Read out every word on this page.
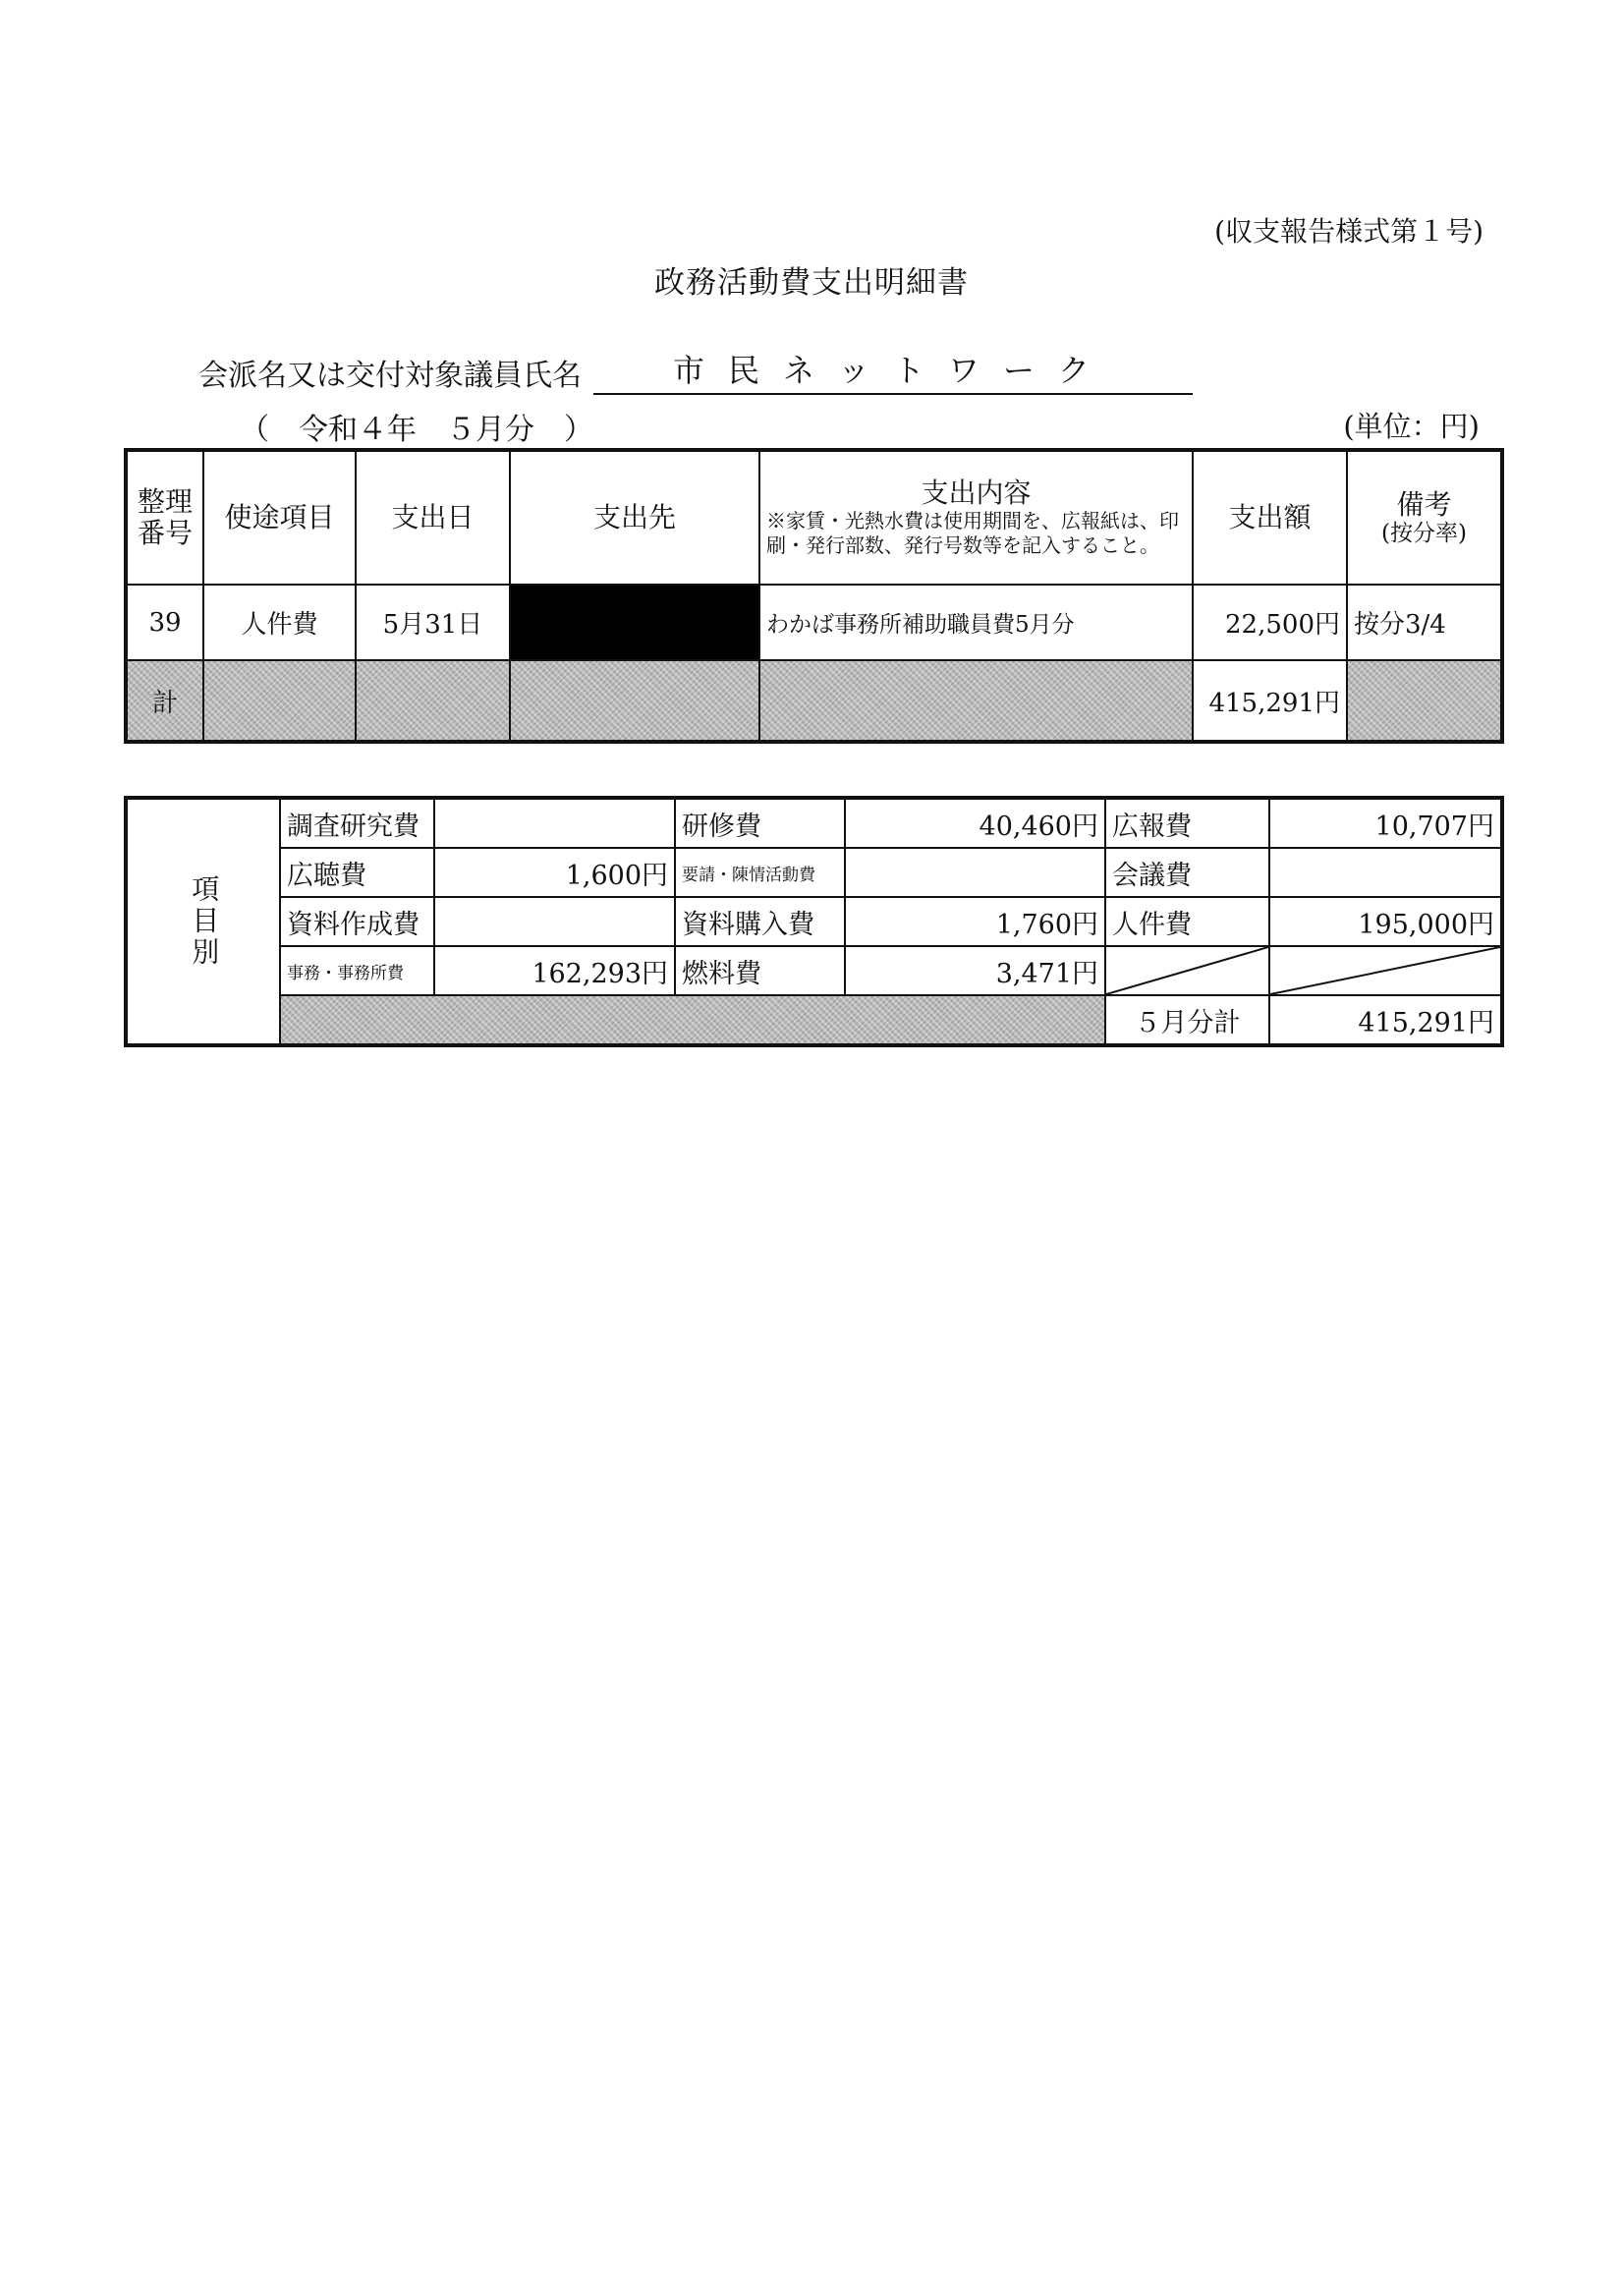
(収支報告様式第１号)
政務活動費支出明細書
会派名又は交付対象議員氏名	市民ネットワーク
（　令和４年　５月分　）	(単位：円)
整理番号	使途項目	支出日	支出先	支出内容
※家賃・光熱水費は使用期間を、広報紙は、印刷・発行部数、発行号数等を記入すること。	支出額	備考
(按分率)

39	人件費	5月31日		わかば事務所補助職員費5月分	22,500円	按分3/4
計					415,291円	
項目別	調査研究費		研修費	40,460円	広報費	10,707円
	広聴費	1,600円	要請・陳情活動費		会議費	
	資料作成費		資料購入費	1,760円	人件費	195,000円
	事務・事務所費	162,293円	燃料費	3,471円	

					５月分計	415,291円
